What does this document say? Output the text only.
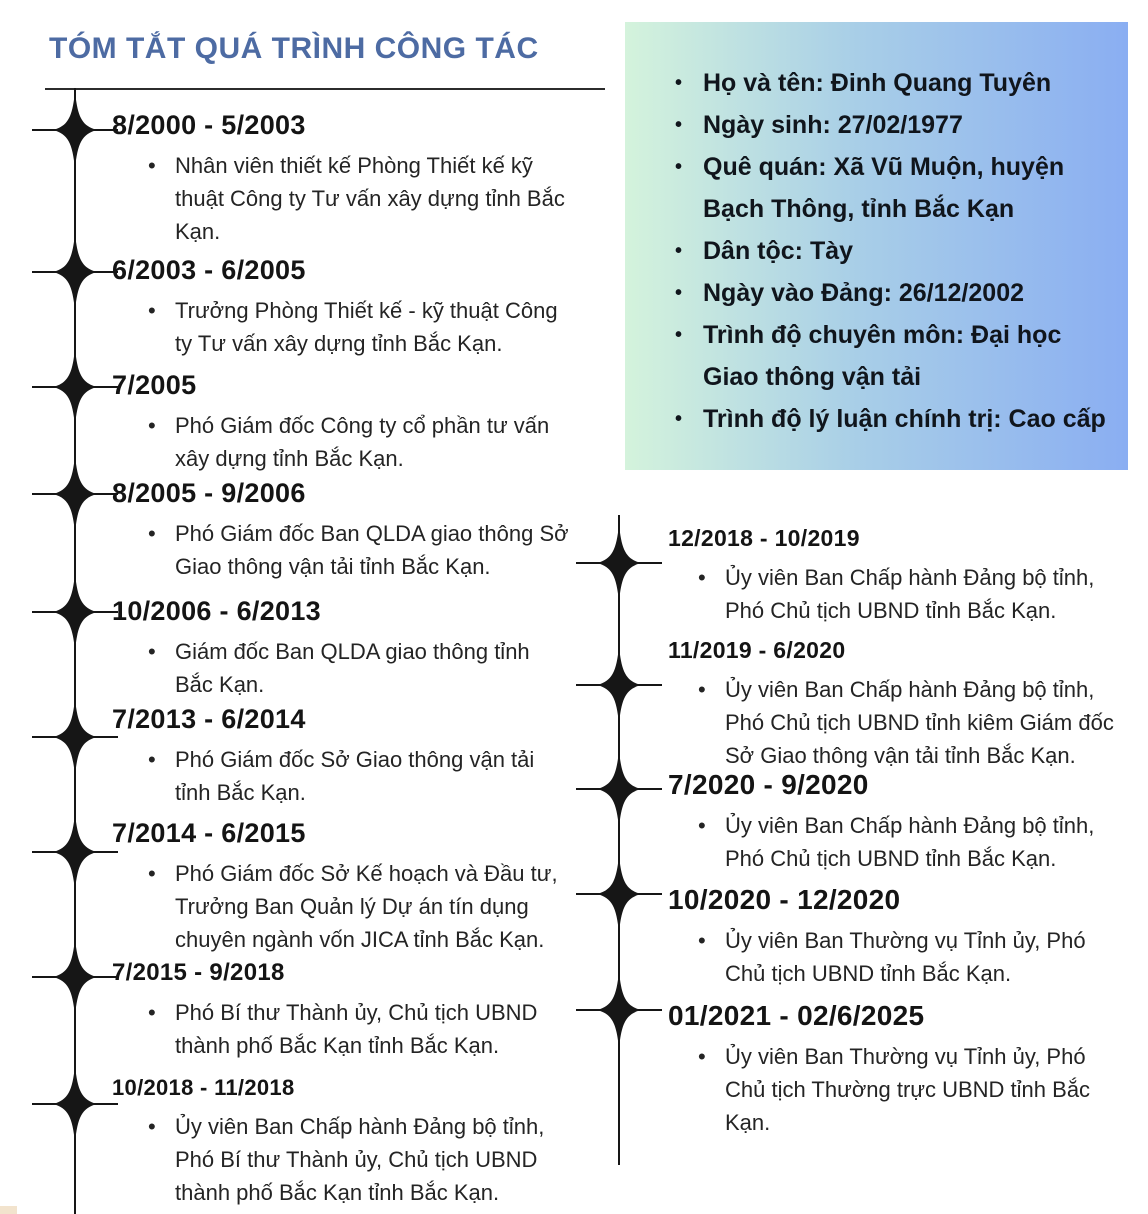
TÓM TẮT QUÁ TRÌNH CÔNG TÁC
• Họ và tên: Đinh Quang Tuyên
• Ngày sinh: 27/02/1977
• Quê quán: Xã Vũ Muộn, huyện Bạch Thông, tỉnh Bắc Kạn
• Dân tộc: Tày
• Ngày vào Đảng: 26/12/2002
• Trình độ chuyên môn: Đại học Giao thông vận tải
• Trình độ lý luận chính trị: Cao cấp
8/2000 - 5/2003
• Nhân viên thiết kế Phòng Thiết kế kỹ thuật Công ty Tư vấn xây dựng tỉnh Bắc Kạn.
6/2003 - 6/2005
• Trưởng Phòng Thiết kế - kỹ thuật Công ty Tư vấn xây dựng tỉnh Bắc Kạn.
7/2005
• Phó Giám đốc Công ty cổ phần tư vấn xây dựng tỉnh Bắc Kạn.
8/2005 - 9/2006
• Phó Giám đốc Ban QLDA giao thông Sở Giao thông vận tải tỉnh Bắc Kạn.
10/2006 - 6/2013
• Giám đốc Ban QLDA giao thông tỉnh Bắc Kạn.
7/2013 - 6/2014
• Phó Giám đốc Sở Giao thông vận tải tỉnh Bắc Kạn.
7/2014 - 6/2015
• Phó Giám đốc Sở Kế hoạch và Đầu tư, Trưởng Ban Quản lý Dự án tín dụng chuyên ngành vốn JICA tỉnh Bắc Kạn.
7/2015 - 9/2018
• Phó Bí thư Thành ủy, Chủ tịch UBND thành phố Bắc Kạn tỉnh Bắc Kạn.
10/2018 - 11/2018
• Ủy viên Ban Chấp hành Đảng bộ tỉnh, Phó Bí thư Thành ủy, Chủ tịch UBND thành phố Bắc Kạn tỉnh Bắc Kạn.
12/2018 - 10/2019
• Ủy viên Ban Chấp hành Đảng bộ tỉnh, Phó Chủ tịch UBND tỉnh Bắc Kạn.
11/2019 - 6/2020
• Ủy viên Ban Chấp hành Đảng bộ tỉnh, Phó Chủ tịch UBND tỉnh kiêm Giám đốc Sở Giao thông vận tải tỉnh Bắc Kạn.
7/2020 - 9/2020
• Ủy viên Ban Chấp hành Đảng bộ tỉnh, Phó Chủ tịch UBND tỉnh Bắc Kạn.
10/2020 - 12/2020
• Ủy viên Ban Thường vụ Tỉnh ủy, Phó Chủ tịch UBND tỉnh Bắc Kạn.
01/2021 - 02/6/2025
• Ủy viên Ban Thường vụ Tỉnh ủy, Phó Chủ tịch Thường trực UBND tỉnh Bắc Kạn.
